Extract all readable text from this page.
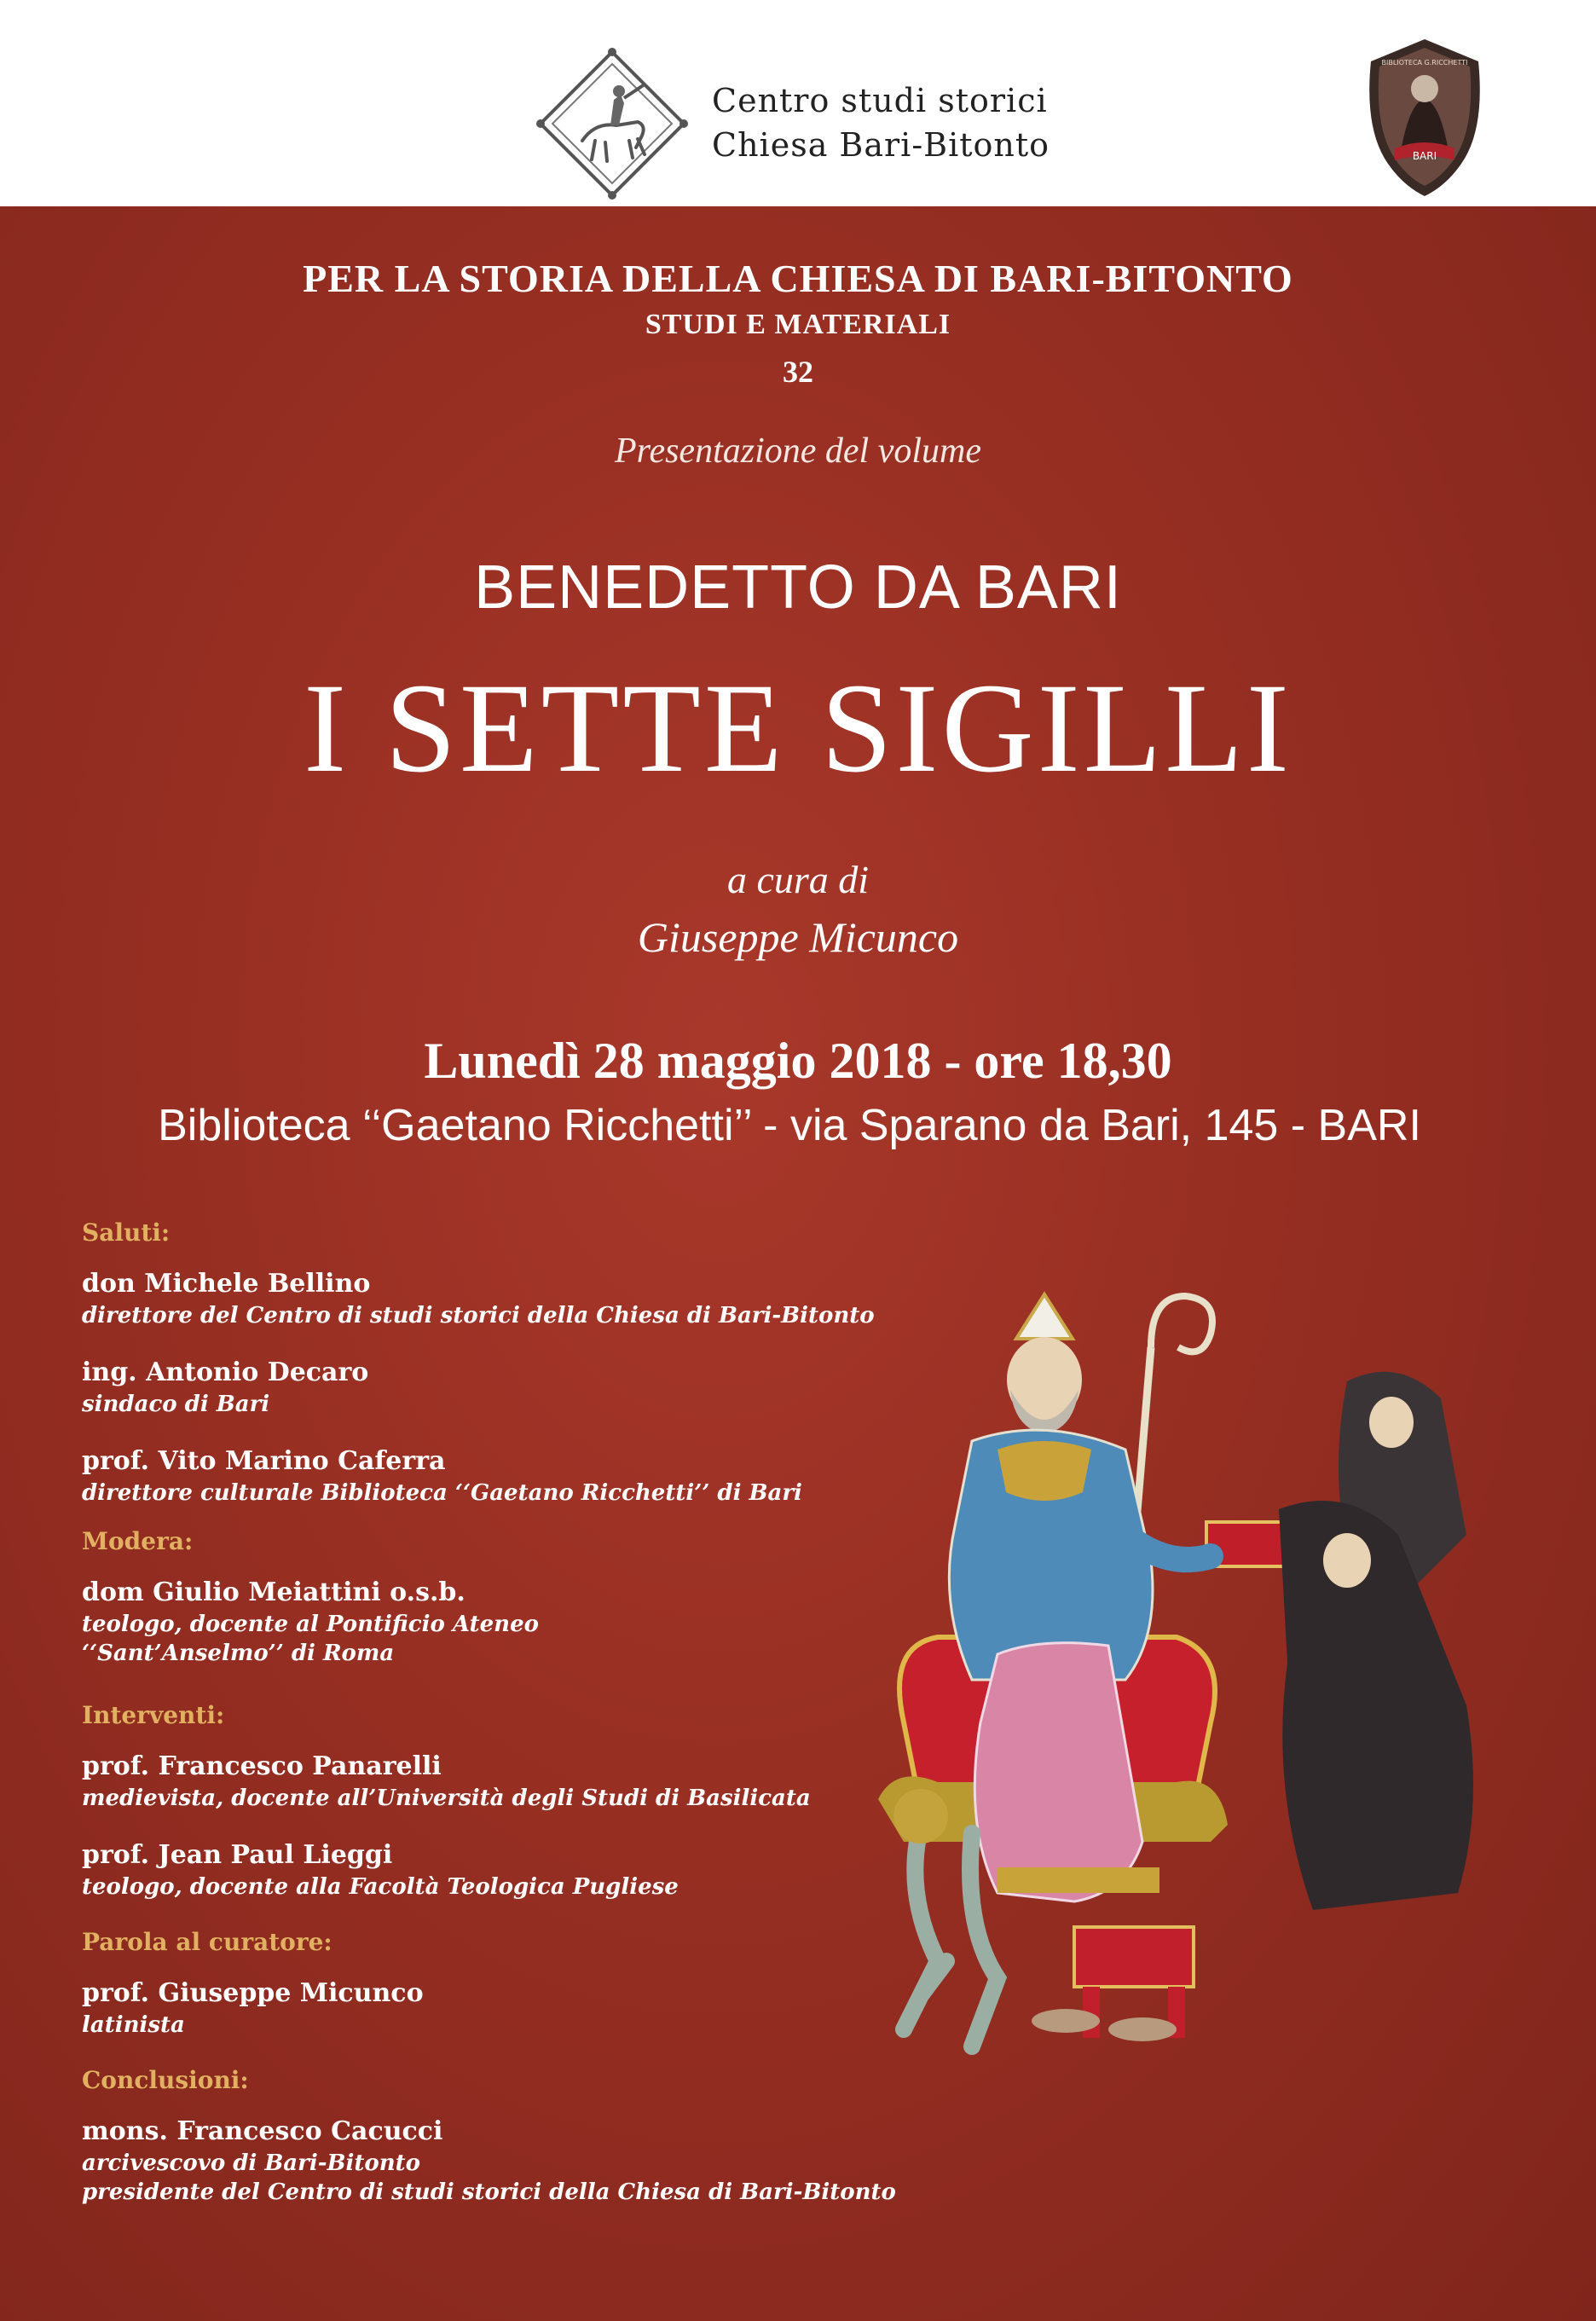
Centro studi storici
Chiesa Bari-Bitonto	BARI
BIBLIOTECA G.RICCHETTI
PER LA STORIA DELLA CHIESA DI BARI-BITONTO
STUDI E MATERIALI
32
Presentazione del volume
BENEDETTO DA BARI
I SETTE SIGILLI
a cura di
Giuseppe Micunco
Lunedì 28 maggio 2018 - ore 18,30
Biblioteca ‘‘Gaetano Ricchetti’’ - via Sparano da Bari, 145 - BARI

Saluti:

don Michele Bellino

direttore del Centro di studi storici della Chiesa di Bari-Bitonto

ing. Antonio Decaro

sindaco di Bari

prof. Vito Marino Caferra

direttore culturale Biblioteca ‘‘Gaetano Ricchetti’’ di Bari

Modera:

dom Giulio Meiattini o.s.b.

teologo, docente al Pontificio Ateneo

‘‘Sant’Anselmo’’ di Roma

Interventi:

prof. Francesco Panarelli

medievista, docente all’Università degli Studi di Basilicata

prof. Jean Paul Lieggi

teologo, docente alla Facoltà Teologica Pugliese

Parola al curatore:

prof. Giuseppe Micunco

latinista

Conclusioni:

mons. Francesco Cacucci

arcivescovo di Bari-Bitonto

presidente del Centro di studi storici della Chiesa di Bari-Bitonto
